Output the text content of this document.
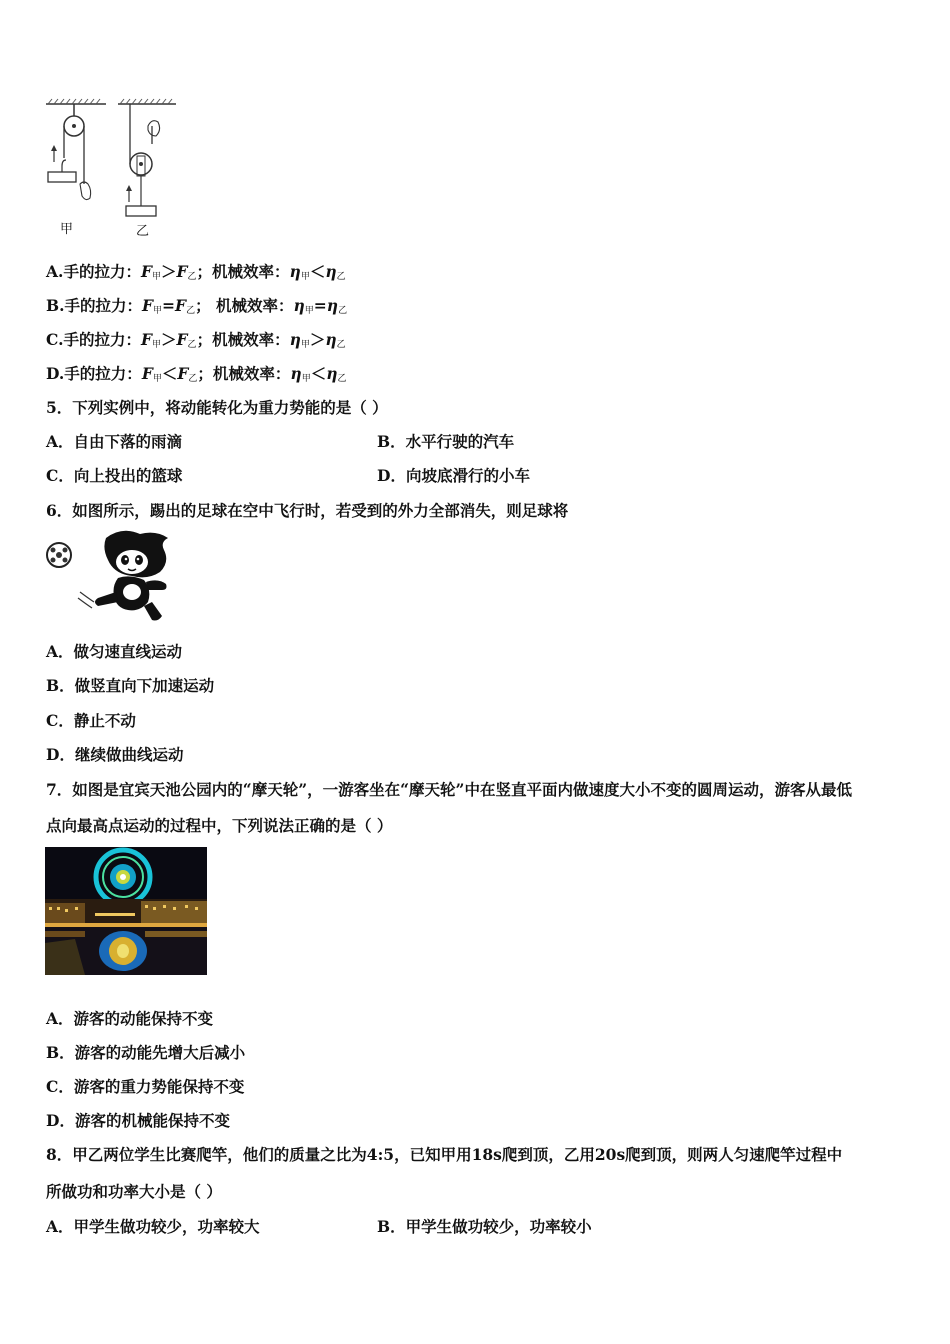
甲	乙
A.手的拉力：$F_甲>F_乙$；机械效率：$\eta_甲<\eta_乙$
B.手的拉力：$F_甲=F_乙$； 机械效率：$\eta_甲=\eta_乙$
C.手的拉力：$F_甲>F_乙$；机械效率：$\eta_甲>\eta_乙$
D.手的拉力：$F_甲<F_乙$；机械效率：$\eta_甲<\eta_乙$
5．下列实例中，将动能转化为重力势能的是（ ）
A．自由下落的雨滴	B．水平行驶的汽车
C．向上投出的篮球	D．向坡底滑行的小车
6．如图所示，踢出的足球在空中飞行时，若受到的外力全部消失，则足球将
A．做匀速直线运动
B．做竖直向下加速运动
C．静止不动
D．继续做曲线运动
7．如图是宜宾天池公园内的“摩天轮”，一游客坐在“摩天轮”中在竖直平面内做速度大小不变的圆周运动，游客从最低
点向最高点运动的过程中，下列说法正确的是（ ）
A．游客的动能保持不变
B．游客的动能先增大后减小
C．游客的重力势能保持不变
D．游客的机械能保持不变
8．甲乙两位学生比赛爬竿，他们的质量之比为4:5，已知甲用18s爬到顶，乙用20s爬到顶，则两人匀速爬竿过程中
所做功和功率大小是（ ）
A．甲学生做功较少，功率较大	B．甲学生做功较少，功率较小
